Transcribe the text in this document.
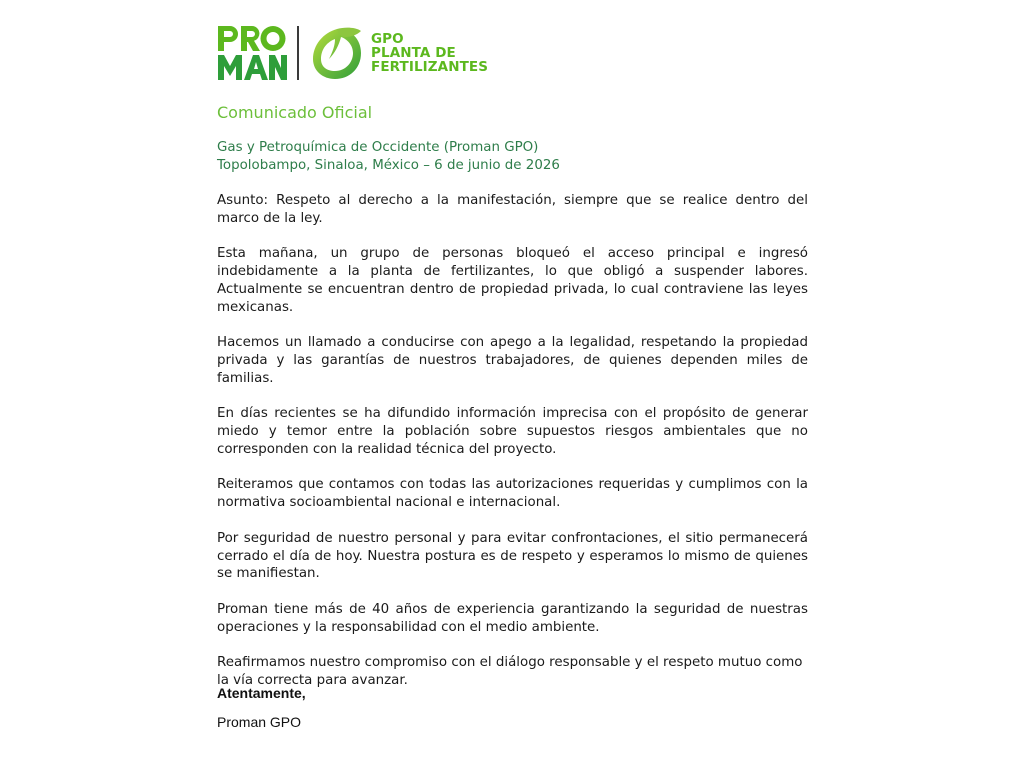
GPO
PLANTA DE
FERTILIZANTES
Comunicado Oficial
Gas y Petroquímica de Occidente (Proman GPO)
Topolobampo, Sinaloa, México – 6 de junio de 2026

Asunto: Respeto al derecho a la manifestación, siempre que se realice dentro del marco de la ley.

Esta mañana, un grupo de personas bloqueó el acceso principal e ingresó indebidamente a la planta de fertilizantes, lo que obligó a suspender labores. Actualmente se encuentran dentro de propiedad privada, lo cual contraviene las leyes mexicanas.

Hacemos un llamado a conducirse con apego a la legalidad, respetando la propiedad privada y las garantías de nuestros trabajadores, de quienes dependen miles de familias.

En días recientes se ha difundido información imprecisa con el propósito de generar miedo y temor entre la población sobre supuestos riesgos ambientales que no corresponden con la realidad técnica del proyecto.

Reiteramos que contamos con todas las autorizaciones requeridas y cumplimos con la normativa socioambiental nacional e internacional.

Por seguridad de nuestro personal y para evitar confrontaciones, el sitio permanecerá cerrado el día de hoy. Nuestra postura es de respeto y esperamos lo mismo de quienes se manifiestan.

Proman tiene más de 40 años de experiencia garantizando la seguridad de nuestras operaciones y la responsabilidad con el medio ambiente.

Reafirmamos nuestro compromiso con el diálogo responsable y el respeto mutuo como la vía correcta para avanzar.

Atentamente,
Proman GPO
